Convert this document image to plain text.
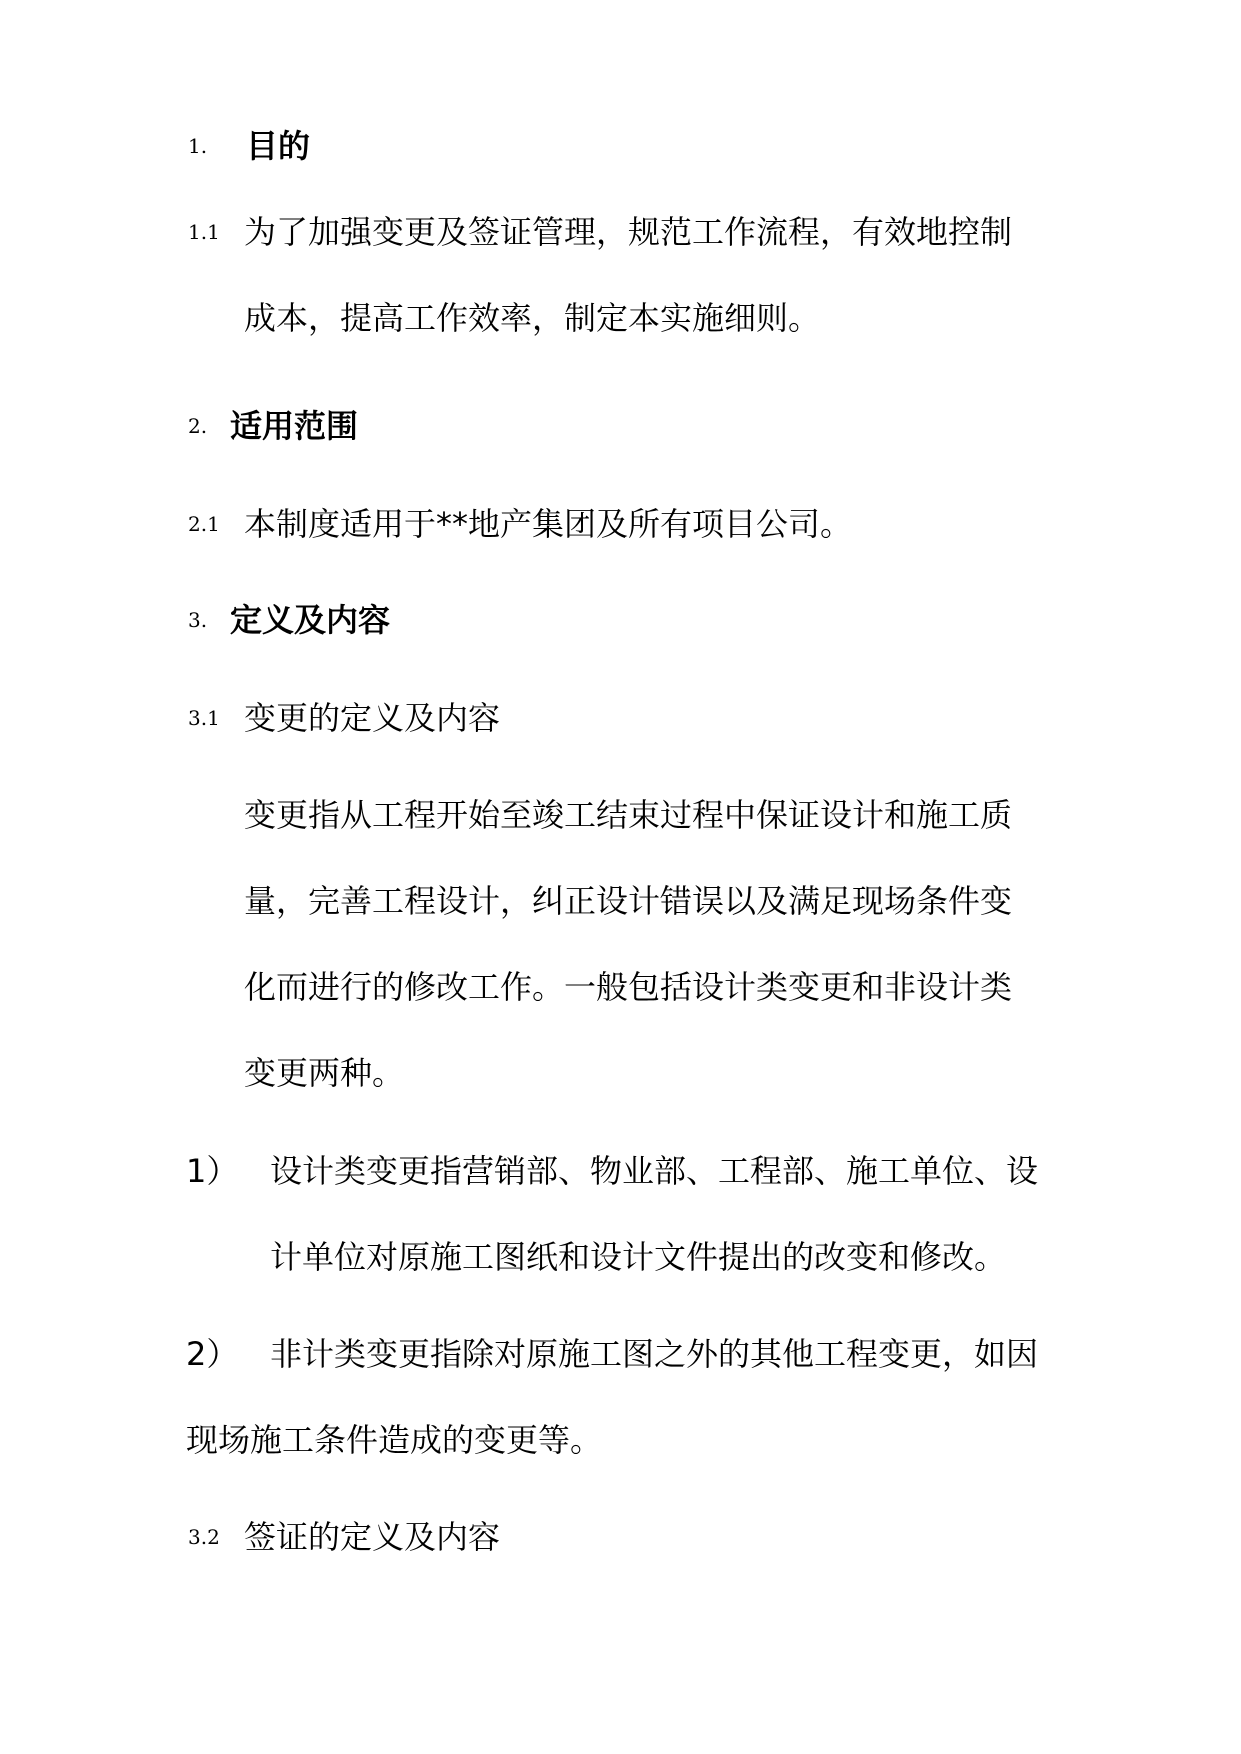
1. 目的
1.1 为了加强变更及签证管理，规范工作流程，有效地控制
成本，提高工作效率，制定本实施细则。
2. 适用范围
2.1 本制度适用于**地产集团及所有项目公司。
3. 定义及内容
3.1 变更的定义及内容
变更指从工程开始至竣工结束过程中保证设计和施工质
量，完善工程设计，纠正设计错误以及满足现场条件变
化而进行的修改工作。一般包括设计类变更和非设计类
变更两种。
1） 设计类变更指营销部、物业部、工程部、施工单位、设
计单位对原施工图纸和设计文件提出的改变和修改。
2） 非计类变更指除对原施工图之外的其他工程变更，如因
现场施工条件造成的变更等。
3.2 签证的定义及内容
